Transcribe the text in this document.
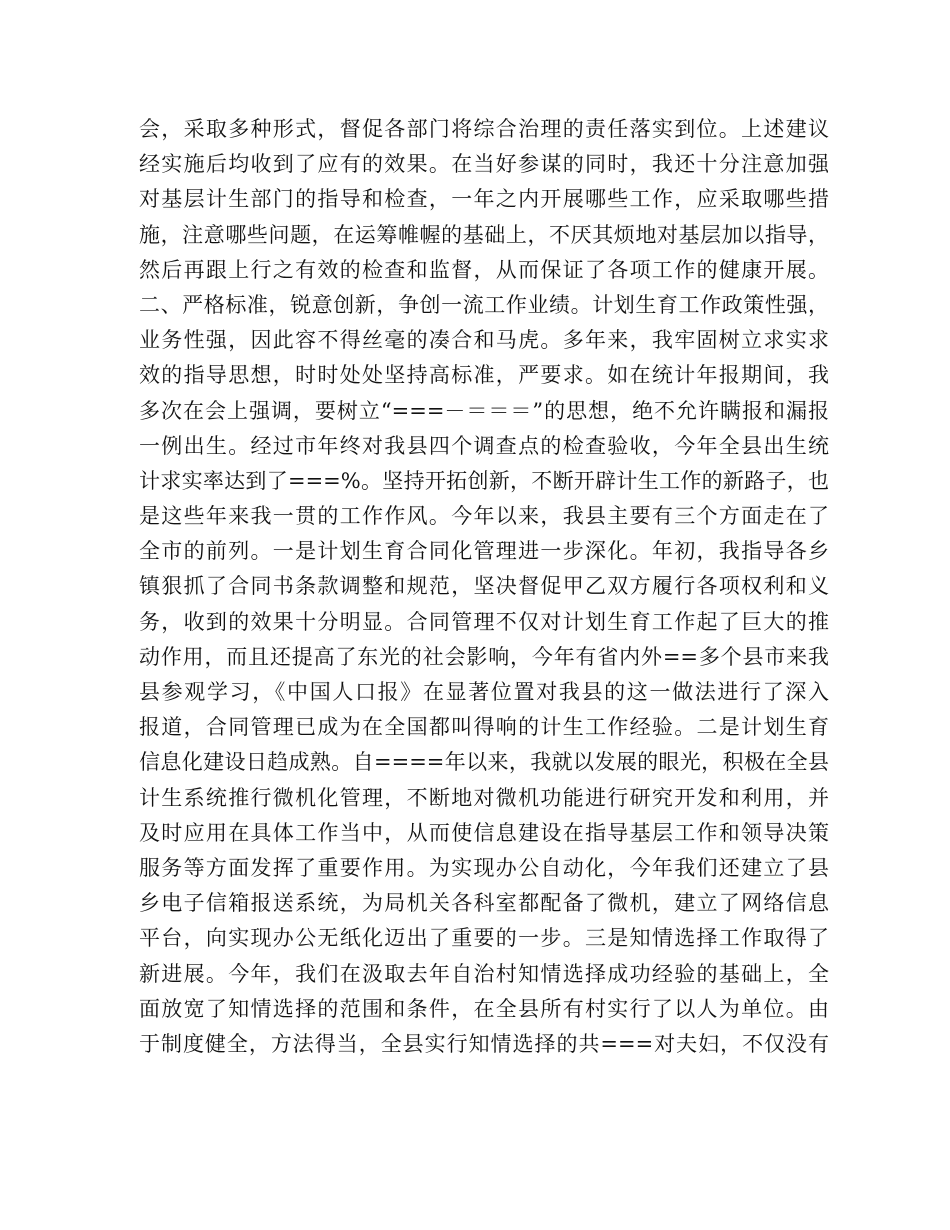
会，采取多种形式，督促各部门将综合治理的责任落实到位。上述建议
经实施后均收到了应有的效果。在当好参谋的同时，我还十分注意加强
对基层计生部门的指导和检查，一年之内开展哪些工作，应采取哪些措
施，注意哪些问题，在运筹帷幄的基础上，不厌其烦地对基层加以指导，
然后再跟上行之有效的检查和监督，从而保证了各项工作的健康开展。
二、严格标准，锐意创新，争创一流工作业绩。计划生育工作政策性强，
业务性强，因此容不得丝毫的凑合和马虎。多年来，我牢固树立求实求
效的指导思想，时时处处坚持高标准，严要求。如在统计年报期间，我
多次在会上强调，要树立“===－＝＝＝”的思想，绝不允许瞒报和漏报
一例出生。经过市年终对我县四个调查点的检查验收，今年全县出生统
计求实率达到了===%。坚持开拓创新，不断开辟计生工作的新路子，也
是这些年来我一贯的工作作风。今年以来，我县主要有三个方面走在了
全市的前列。一是计划生育合同化管理进一步深化。年初，我指导各乡
镇狠抓了合同书条款调整和规范，坚决督促甲乙双方履行各项权利和义
务，收到的效果十分明显。合同管理不仅对计划生育工作起了巨大的推
动作用，而且还提高了东光的社会影响，今年有省内外==多个县市来我
县参观学习，《中国人口报》在显著位置对我县的这一做法进行了深入
报道，合同管理已成为在全国都叫得响的计生工作经验。二是计划生育
信息化建设日趋成熟。自====年以来，我就以发展的眼光，积极在全县
计生系统推行微机化管理，不断地对微机功能进行研究开发和利用，并
及时应用在具体工作当中，从而使信息建设在指导基层工作和领导决策
服务等方面发挥了重要作用。为实现办公自动化，今年我们还建立了县
乡电子信箱报送系统，为局机关各科室都配备了微机，建立了网络信息
平台，向实现办公无纸化迈出了重要的一步。三是知情选择工作取得了
新进展。今年，我们在汲取去年自治村知情选择成功经验的基础上，全
面放宽了知情选择的范围和条件，在全县所有村实行了以人为单位。由
于制度健全，方法得当，全县实行知情选择的共===对夫妇，不仅没有
